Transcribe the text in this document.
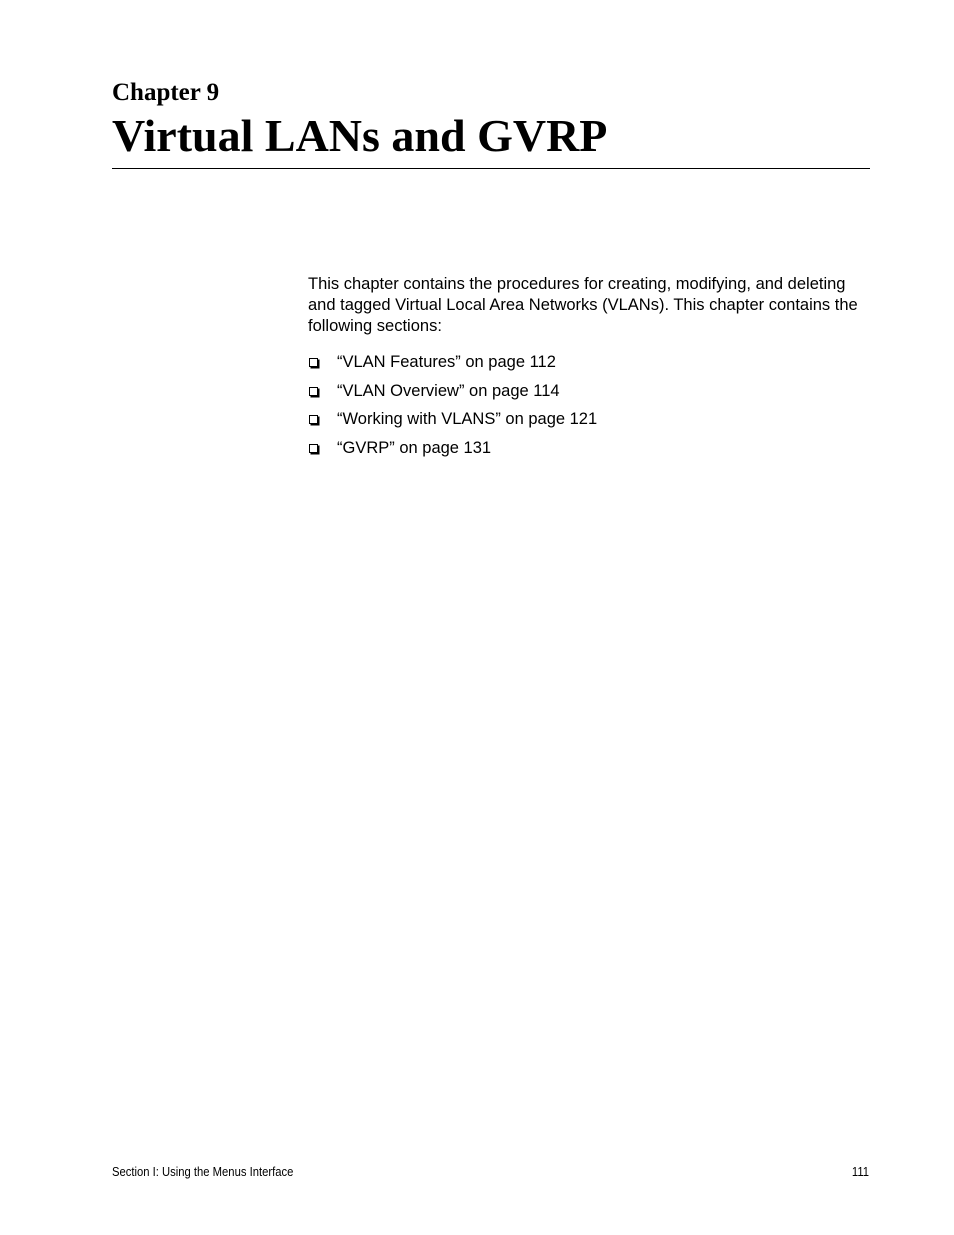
Chapter 9
Virtual LANs and GVRP

This chapter contains the procedures for creating, modifying, and deleting and tagged Virtual Local Area Networks (VLANs). This chapter contains the following sections:

“VLAN Features” on page 112
“VLAN Overview” on page 114
“Working with VLANS” on page 121
“GVRP” on page 131
Section I: Using the Menus Interface	111
